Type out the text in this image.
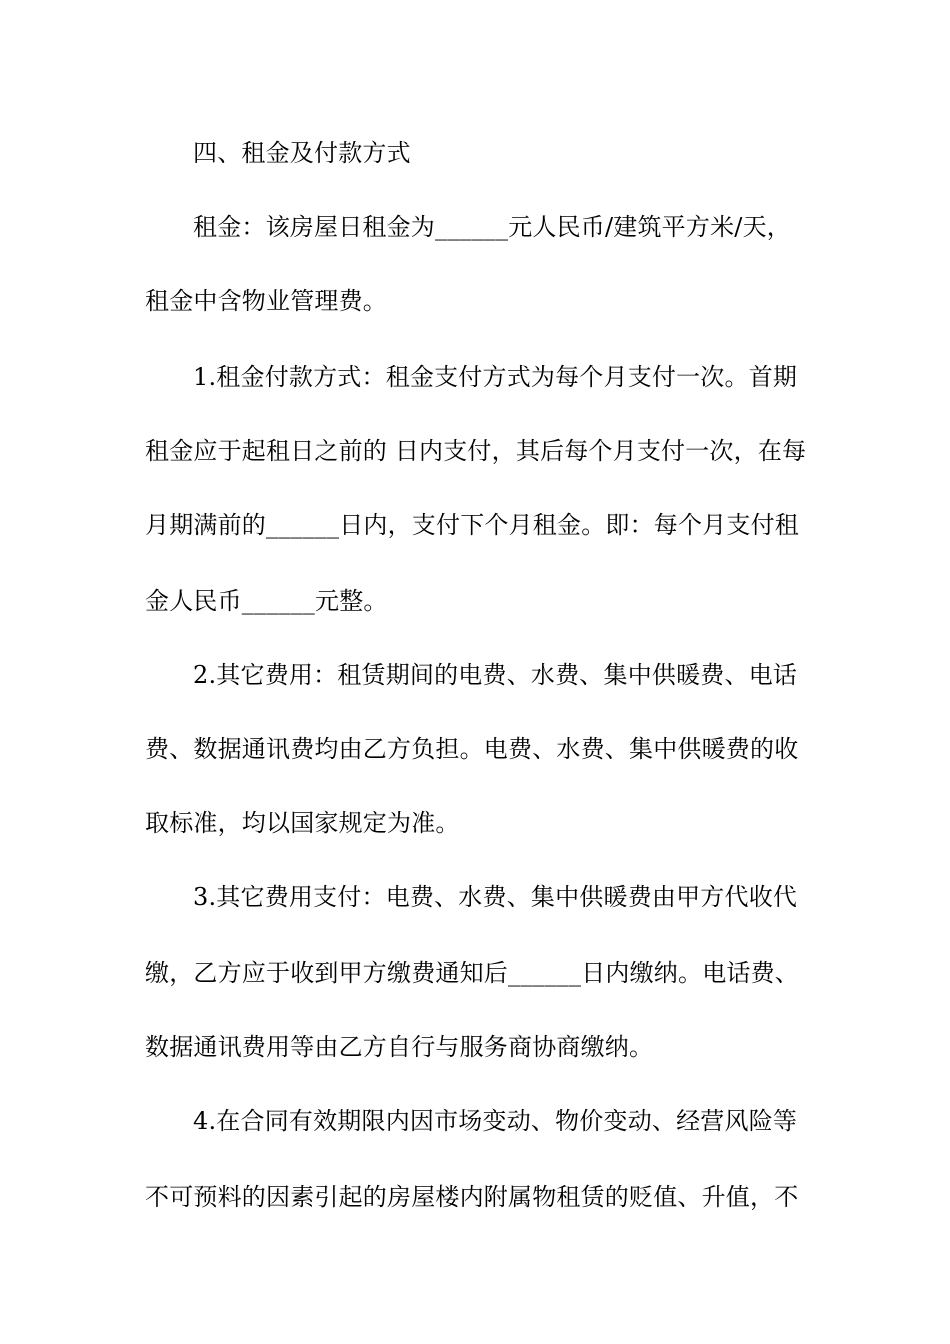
四、租金及付款方式
租金：该房屋日租金为______元人民币/建筑平方米/天，
租金中含物业管理费。
1.租金付款方式：租金支付方式为每个月支付一次。首期
租金应于起租日之前的 日内支付，其后每个月支付一次，在每
月期满前的______日内，支付下个月租金。即：每个月支付租
金人民币______元整。
2.其它费用：租赁期间的电费、水费、集中供暖费、电话
费、数据通讯费均由乙方负担。电费、水费、集中供暖费的收
取标准，均以国家规定为准。
3.其它费用支付：电费、水费、集中供暖费由甲方代收代
缴，乙方应于收到甲方缴费通知后______日内缴纳。电话费、
数据通讯费用等由乙方自行与服务商协商缴纳。
4.在合同有效期限内因市场变动、物价变动、经营风险等
不可预料的因素引起的房屋楼内附属物租赁的贬值、升值，不
